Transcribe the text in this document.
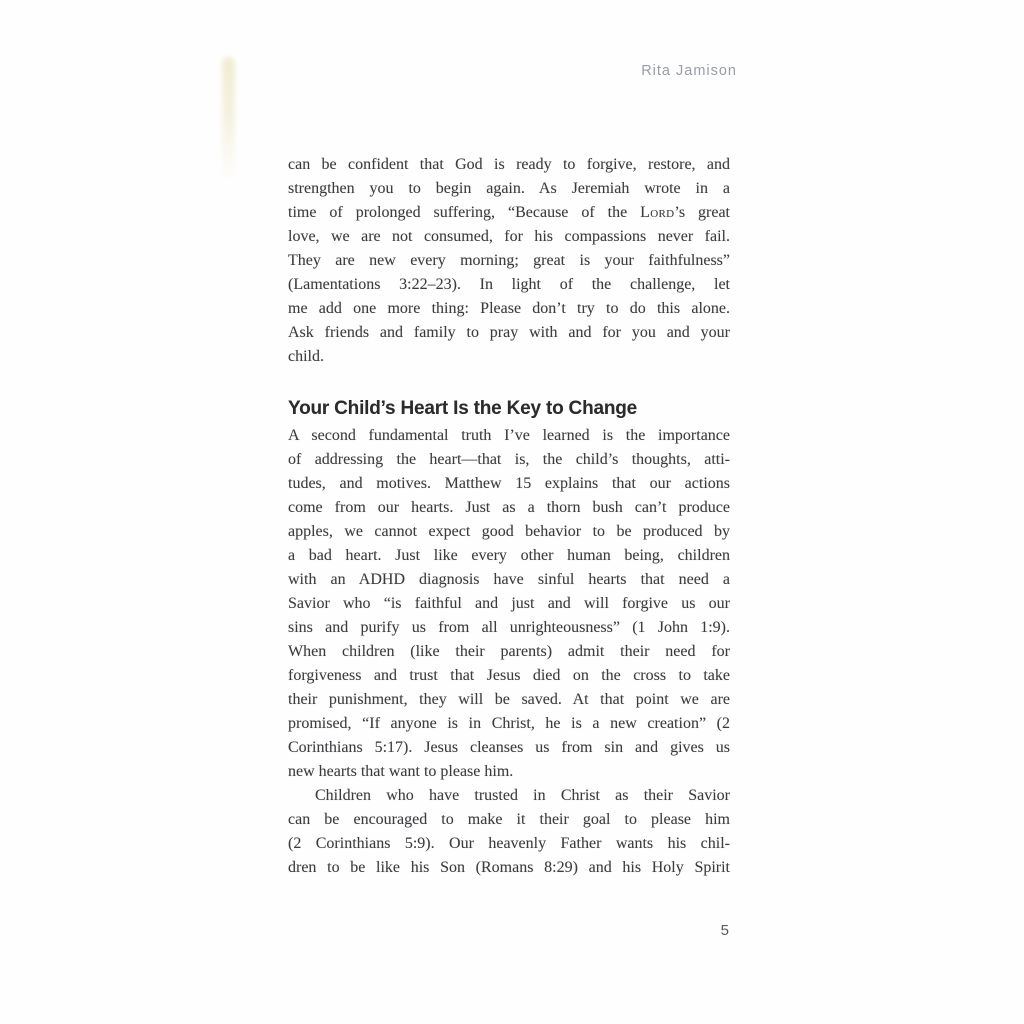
Rita Jamison
can be confident that God is ready to forgive, restore, and
strengthen you to begin again. As Jeremiah wrote in a
time of prolonged suffering, “Because of the Lord’s great
love, we are not consumed, for his compassions never fail.
They are new every morning; great is your faithfulness”
(Lamentations 3:22–23). In light of the challenge, let
me add one more thing: Please don’t try to do this alone.
Ask friends and family to pray with and for you and your
child.
Your Child’s Heart Is the Key to Change
A second fundamental truth I’ve learned is the importance
of addressing the heart—that is, the child’s thoughts, atti-
tudes, and motives. Matthew 15 explains that our actions
come from our hearts. Just as a thorn bush can’t produce
apples, we cannot expect good behavior to be produced by
a bad heart. Just like every other human being, children
with an ADHD diagnosis have sinful hearts that need a
Savior who “is faithful and just and will forgive us our
sins and purify us from all unrighteousness” (1 John 1:9).
When children (like their parents) admit their need for
forgiveness and trust that Jesus died on the cross to take
their punishment, they will be saved. At that point we are
promised, “If anyone is in Christ, he is a new creation” (2
Corinthians 5:17). Jesus cleanses us from sin and gives us
new hearts that want to please him.
Children who have trusted in Christ as their Savior
can be encouraged to make it their goal to please him
(2 Corinthians 5:9). Our heavenly Father wants his chil-
dren to be like his Son (Romans 8:29) and his Holy Spirit
5
